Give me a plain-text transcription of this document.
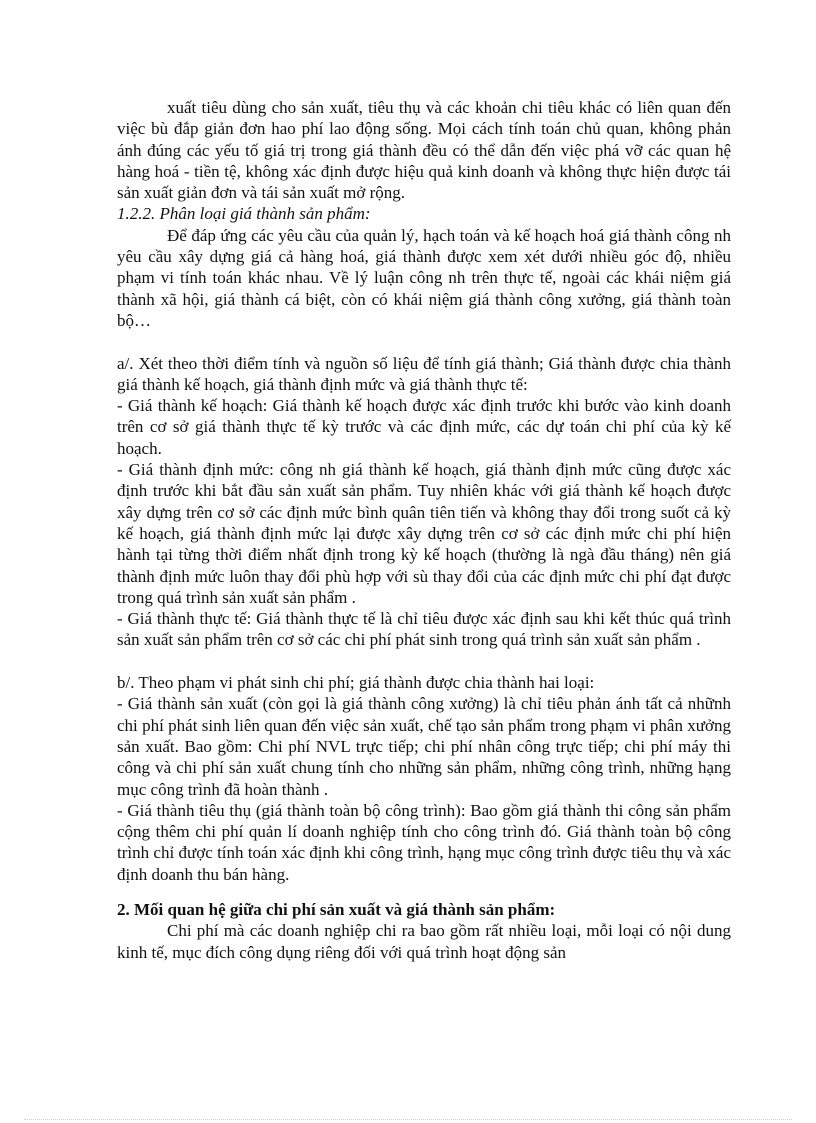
xuất tiêu dùng cho sản xuất, tiêu thụ và các khoản chi tiêu khác có liên quan đến việc bù đắp giản đơn hao phí lao động sống. Mọi cách tính toán chủ quan, không phản ánh đúng các yếu tố giá trị trong giá thành đều có thể dẫn đến việc phá vỡ các quan hệ hàng hoá - tiền tệ, không xác định được hiệu quả kinh doanh và không thực hiện được tái sản xuất giản đơn và tái sản xuất mở rộng.

1.2.2. Phân loại giá thành sản phẩm:

Để đáp ứng các yêu cầu của quản lý, hạch toán và kế hoạch hoá giá thành công nh yêu cầu xây dựng giá cả hàng hoá, giá thành được xem xét dưới nhiều góc độ, nhiều phạm vi tính toán khác nhau. Về lý luận công nh trên thực tế, ngoài các khái niệm giá thành xã hội, giá thành cá biệt, còn có khái niệm giá thành công xưởng, giá thành toàn bộ…

a/. Xét theo thời điểm tính và nguồn số liệu để tính giá thành; Giá thành được chia thành giá thành kế hoạch, giá thành định mức và giá thành thực tế:

- Giá thành kế hoạch: Giá thành kế hoạch được xác định trước khi bước vào kinh doanh trên cơ sở giá thành thực tế kỳ trước và các định mức, các dự toán chi phí của kỳ kế hoạch.

- Giá thành định mức: công nh giá thành kế hoạch, giá thành định mức cũng được xác định trước khi bắt đầu sản xuất sản phẩm. Tuy nhiên khác với giá thành kế hoạch được xây dựng trên cơ sở các định mức bình quân tiên tiến và không thay đổi trong suốt cả kỳ kế hoạch, giá thành định mức lại được xây dựng trên cơ sở các định mức chi phí hiện hành tại từng thời điểm nhất định trong kỳ kế hoạch (thường là ngà đầu tháng) nên giá thành định mức luôn thay đổi phù hợp với sù thay đổi của các định mức chi phí đạt được trong quá trình sản xuất sản phẩm .

- Giá thành thực tế: Giá thành thực tế là chỉ tiêu được xác định sau khi kết thúc quá trình sản xuất sản phẩm trên cơ sở các chi phí phát sinh trong quá trình sản xuất sản phẩm .

b/. Theo phạm vi phát sinh chi phí; giá thành được chia thành hai loại:

- Giá thành sản xuất (còn gọi là giá thành công xưởng) là chỉ tiêu phản ánh tất cả nhữnh chi phí phát sinh liên quan đến việc sản xuất, chế tạo sản phẩm trong phạm vi phân xưởng sản xuất. Bao gồm: Chi phí NVL trực tiếp; chi phí nhân công trực tiếp; chi phí máy thi công và chi phí sản xuất chung tính cho những sản phẩm, những công trình, những hạng mục công trình đã hoàn thành .

- Giá thành tiêu thụ (giá thành toàn bộ công trình): Bao gồm giá thành thi công sản phẩm cộng thêm chi phí quản lí doanh nghiệp tính cho công trình đó. Giá thành toàn bộ công trình chỉ được tính toán xác định khi công trình, hạng mục công trình được tiêu thụ và xác định doanh thu bán hàng.

2. Mối quan hệ giữa chi phí sản xuất và giá thành sản phẩm:

Chi phí mà các doanh nghiệp chi ra bao gồm rất nhiều loại, mỗi loại có nội dung kinh tế, mục đích công dụng riêng đối với quá trình hoạt động sản
